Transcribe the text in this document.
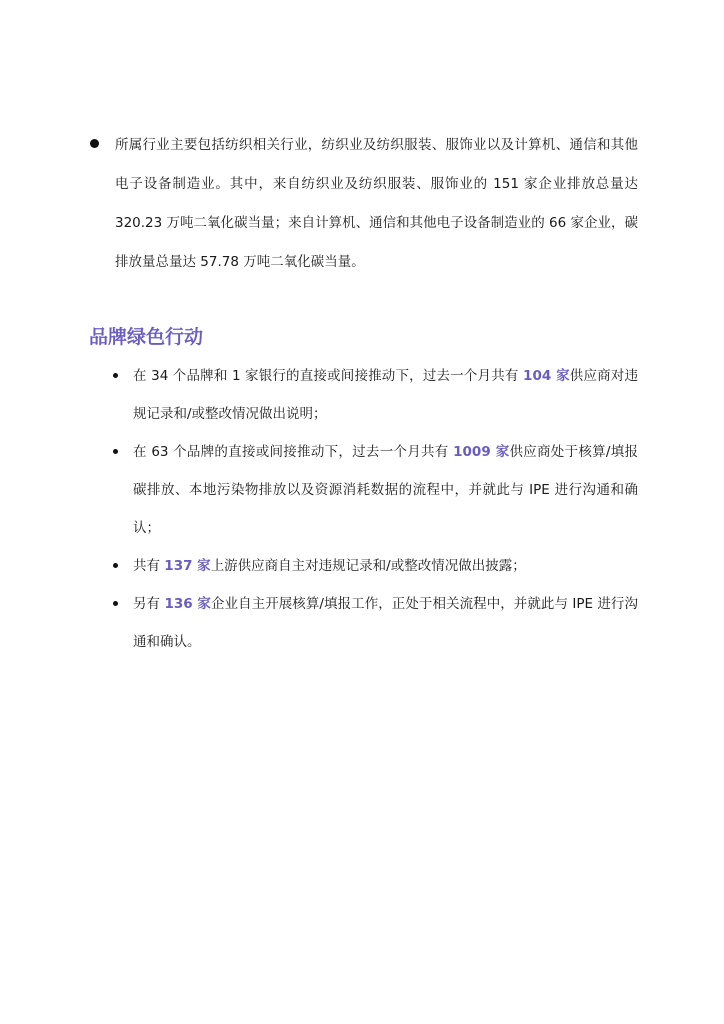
所属行业主要包括纺织相关行业，纺织业及纺织服装、服饰业以及计算机、通信和其他电子设备制造业。其中，来自纺织业及纺织服装、服饰业的 151 家企业排放总量达 320.23 万吨二氧化碳当量；来自计算机、通信和其他电子设备制造业的 66 家企业，碳排放量总量达 57.78 万吨二氧化碳当量。

品牌绿色行动
在 34 个品牌和 1 家银行的直接或间接推动下，过去一个月共有 104 家供应商对违规记录和/或整改情况做出说明；
在 63 个品牌的直接或间接推动下，过去一个月共有 1009 家供应商处于核算/填报碳排放、本地污染物排放以及资源消耗数据的流程中，并就此与 IPE 进行沟通和确认；
共有 137 家上游供应商自主对违规记录和/或整改情况做出披露；
另有 136 家企业自主开展核算/填报工作，正处于相关流程中，并就此与 IPE 进行沟通和确认。
